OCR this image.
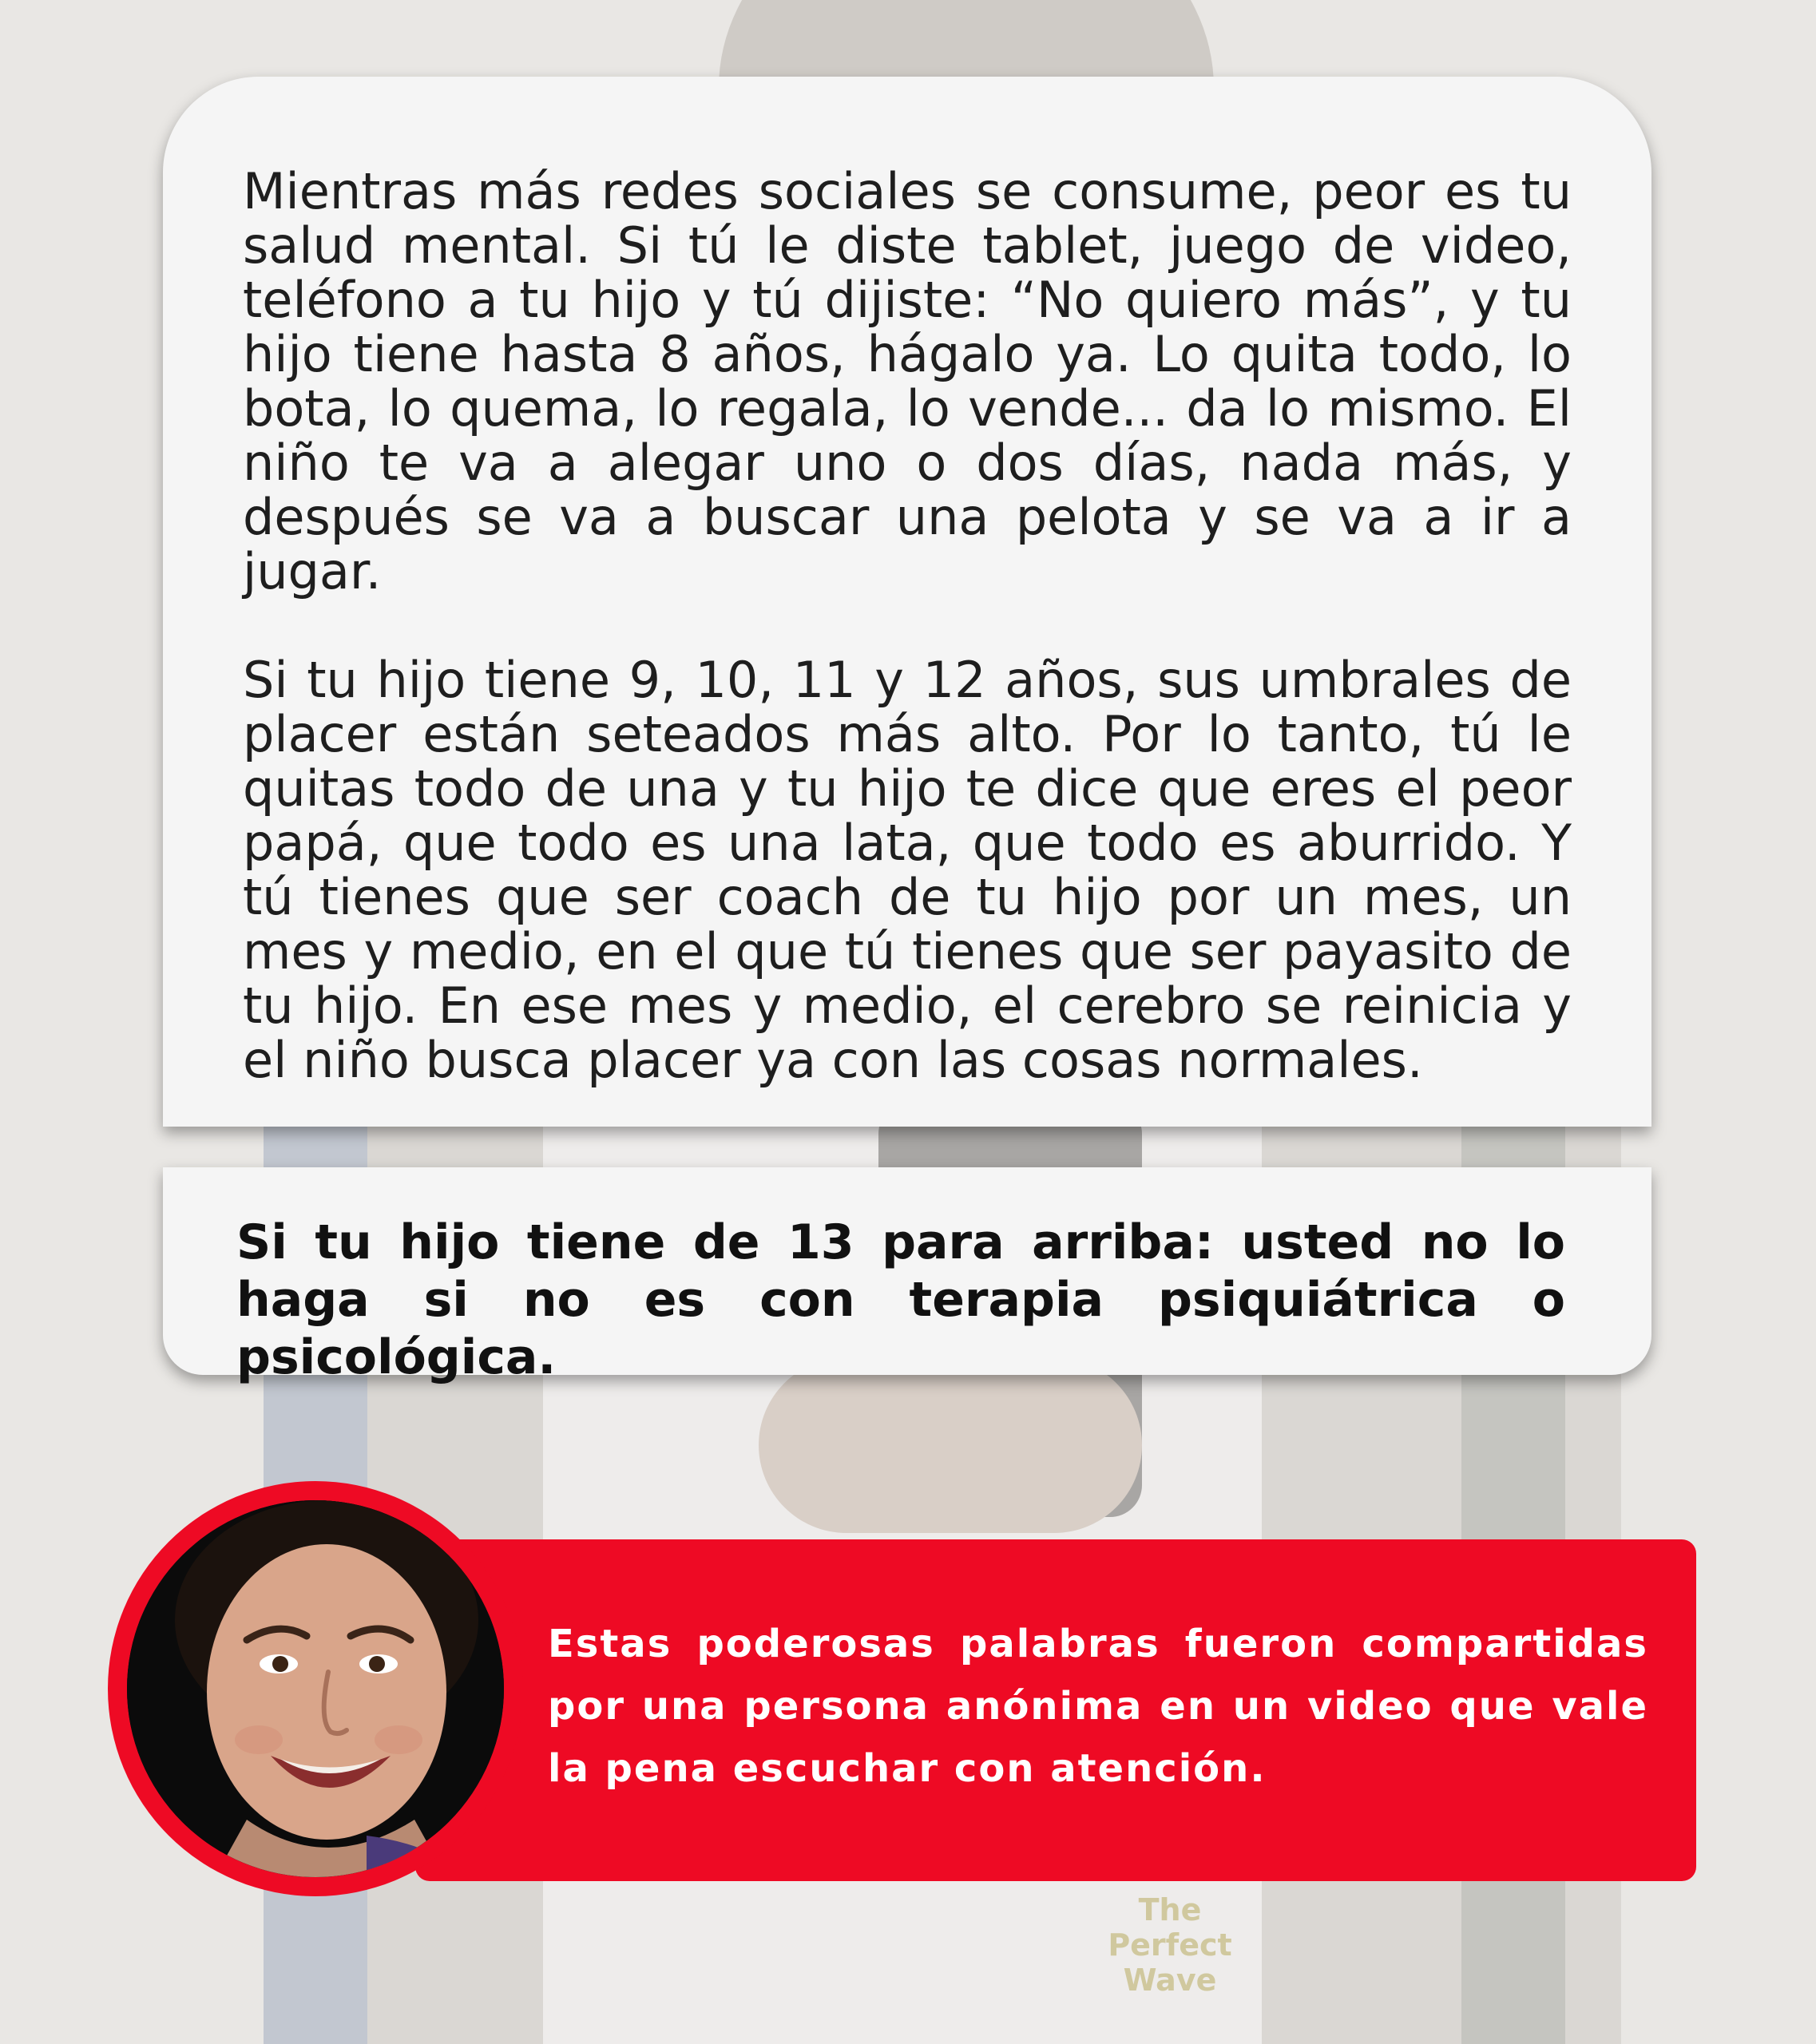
The Perfect Wave

Mientras más redes sociales se consume, peor es tu salud mental. Si tú le diste tablet, juego de video, teléfono a tu hijo y tú dijiste: “No quiero más”, y tu hijo tiene hasta 8 años, hágalo ya. Lo quita todo, lo bota, lo quema, lo regala, lo vende... da lo mismo. El niño te va a alegar uno o dos días, nada más, y después se va a buscar una pelota y se va a ir a jugar.

Si tu hijo tiene 9, 10, 11 y 12 años, sus umbrales de placer están seteados más alto. Por lo tanto, tú le quitas todo de una y tu hijo te dice que eres el peor papá, que todo es una lata, que todo es aburrido. Y tú tienes que ser coach de tu hijo por un mes, un mes y medio, en el que tú tienes que ser payasito de tu hijo. En ese mes y medio, el cerebro se reinicia y el niño busca placer ya con las cosas normales.

Si tu hijo tiene de 13 para arriba: usted no lo haga si no es con terapia psiquiátrica o psicológica.
Estas poderosas palabras fueron compartidas por una persona anónima en un video que vale la pena escuchar con atención.
